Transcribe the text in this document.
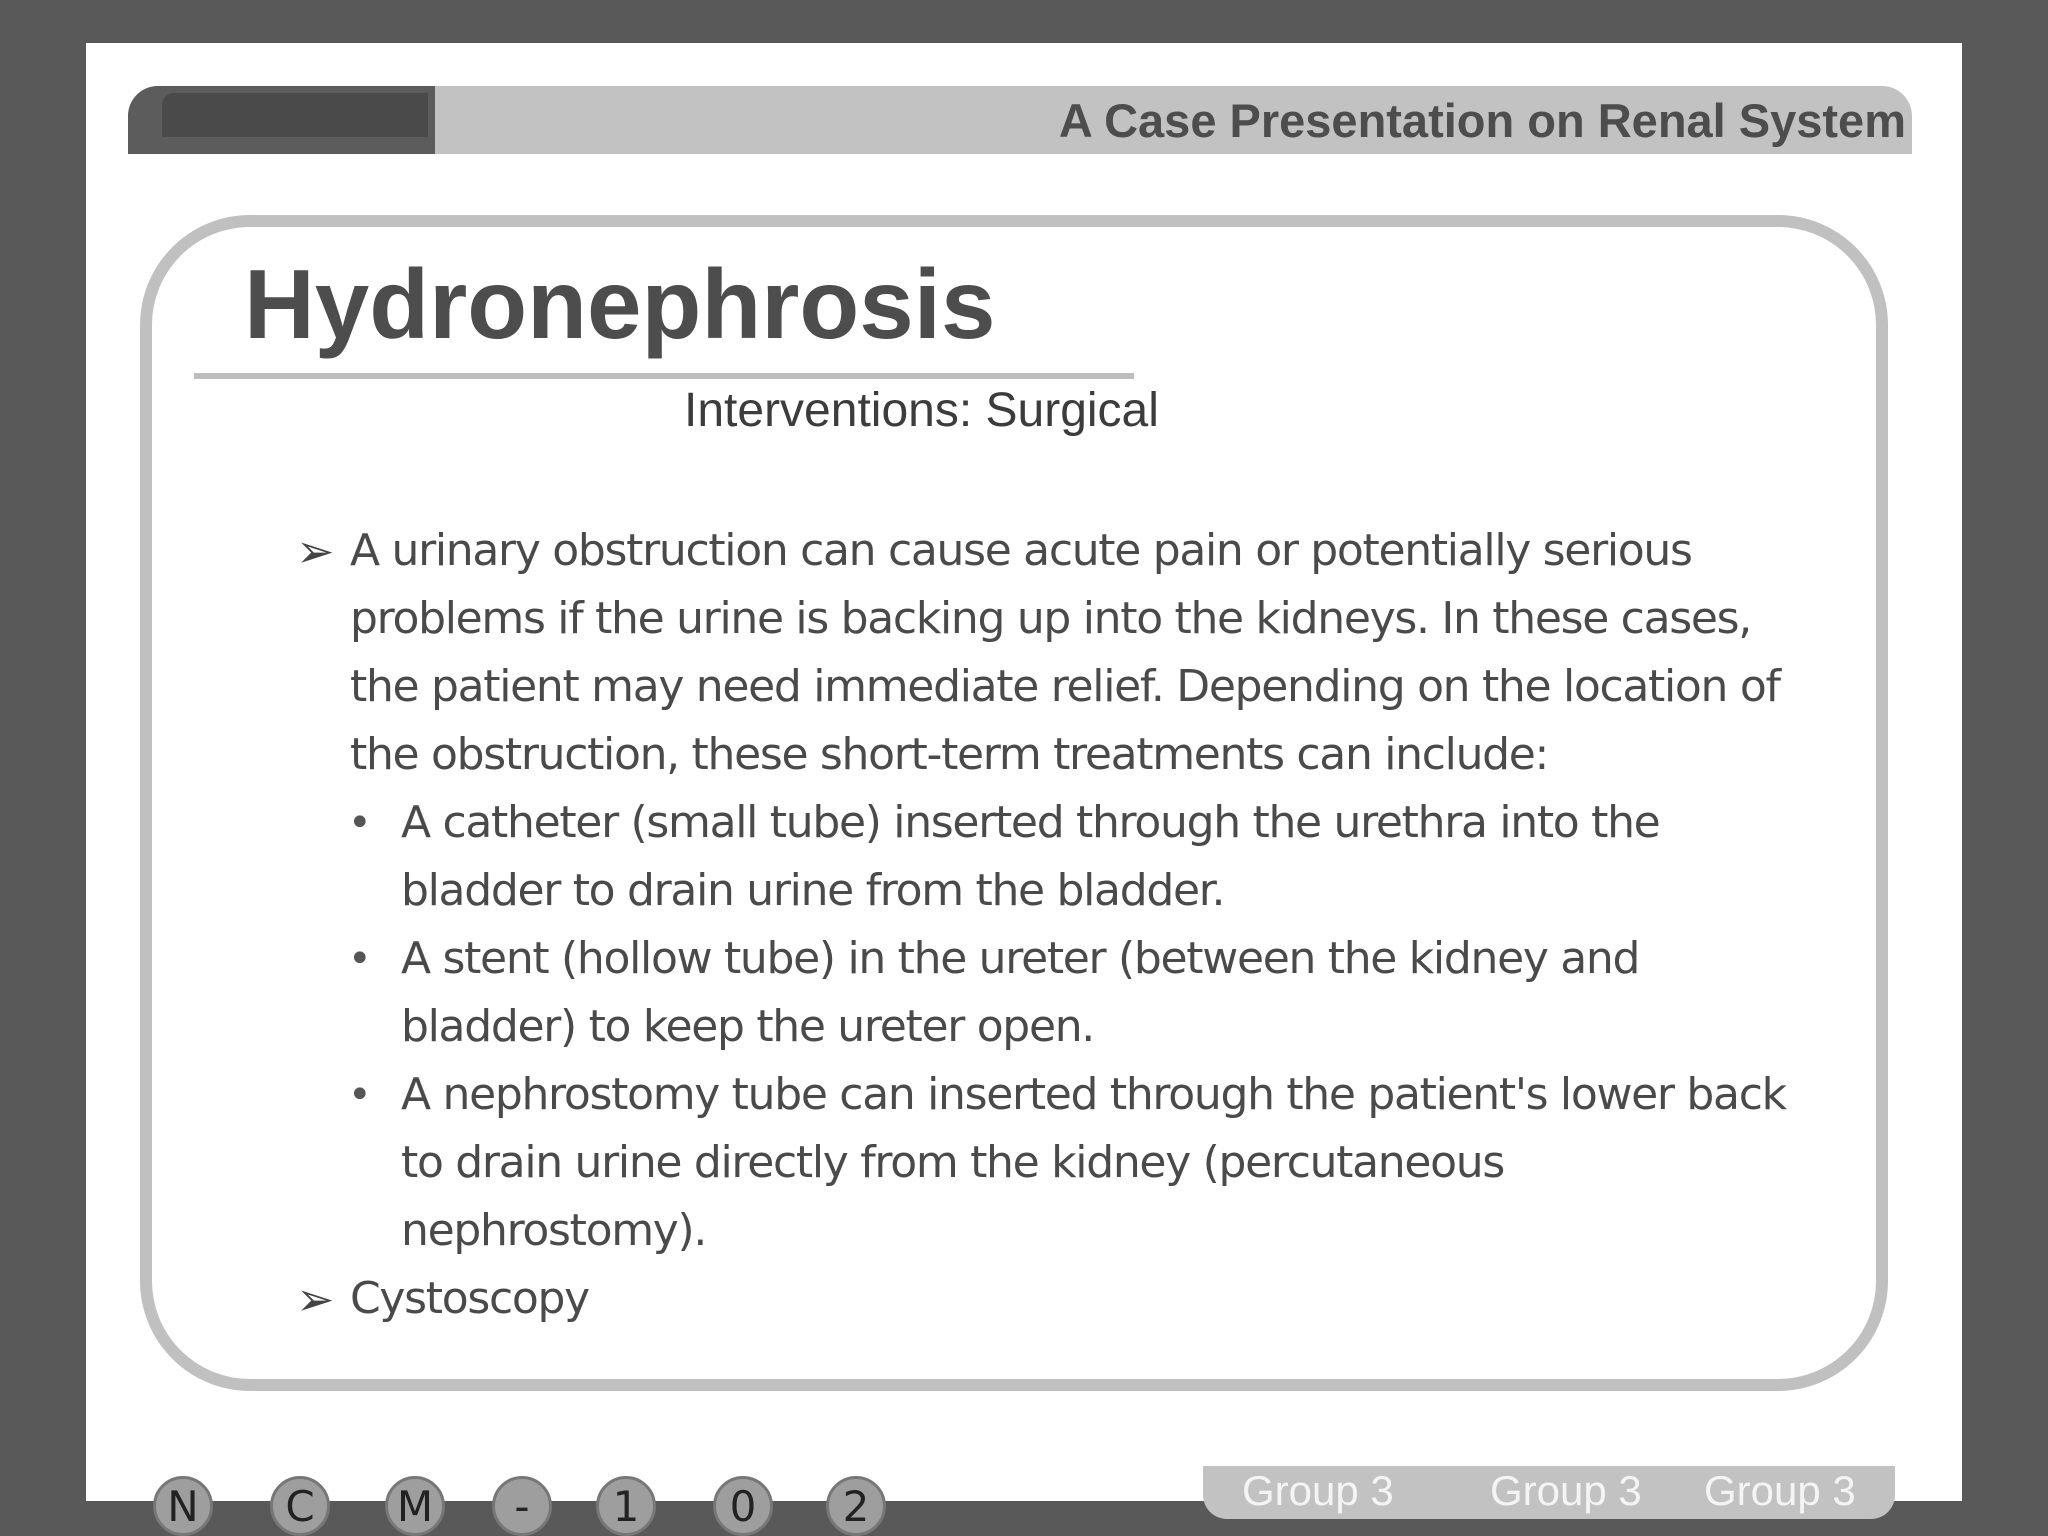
A Case Presentation on Renal System
Hydronephrosis
Interventions: Surgical
➢ A urinary obstruction can cause acute pain or potentially serious problems if the urine is backing up into the kidneys. In these cases, the patient may need immediate relief. Depending on the location of the obstruction, these short-term treatments can include:
• A catheter (small tube) inserted through the urethra into the bladder to drain urine from the bladder.
• A stent (hollow tube) in the ureter (between the kidney and bladder) to keep the ureter open.
• A nephrostomy tube can inserted through the patient's lower back to drain urine directly from the kidney (percutaneous nephrostomy).
➢ Cystoscopy
N	C	M	-	1	0	2	Group 3 Group 3 Group 3
